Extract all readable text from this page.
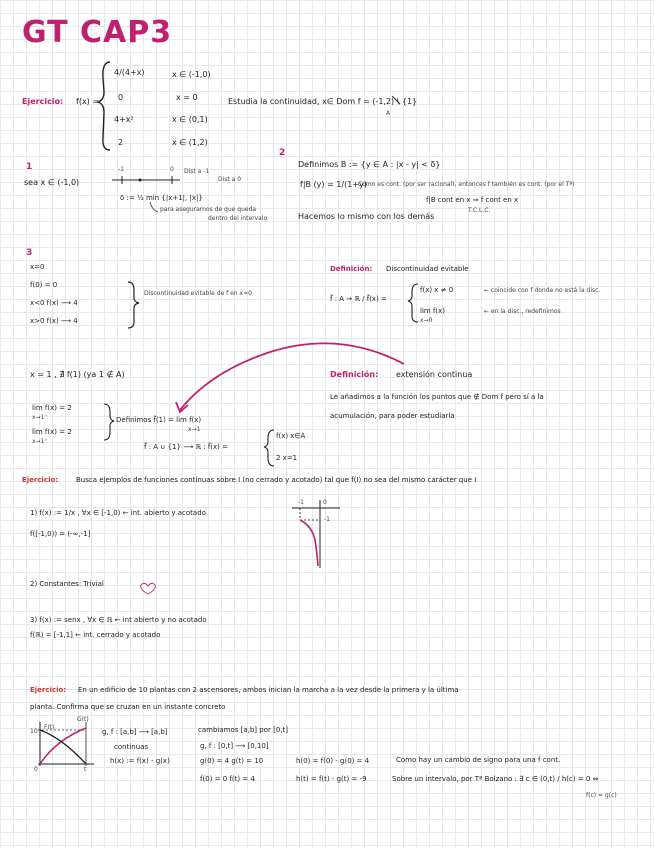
GT CAP3
Ejercicio: f(x) =
4/(4+x)	x ∈ (-1,0)
0	x = 0
4+x²	x ∈ (0,1)
2	x ∈ (1,2)
Estudia la continuidad, x∈ Dom f = (-1,2) \ {1}
A
1
sea x ∈ (-1,0)
-1	0 Dist a -1
Dist a 0
δ := ½ min {|x+1|, |x|}
para asegurarnos de que queda
dentro del intervalo
2
Definimos B := {y ∈ A : |x - y| < δ}
f|B (y) = 1/(1+y)
Como es cont. (por ser racional), entonces f también es cont. (por el Tª)
f|B cont en x ⇒ f cont en x
T.C.L.C.
Hacemos lo mismo con los demás
3
x=0
f(0) = 0
x<0 f(x) ⟶ 4
x>0 f(x) ⟶ 4
Discontinuidad evitable de f en x=0
Definición: Discontinuidad evitable
f̃ : A → ℝ / f̃(x) =
f(x) x ≠ 0	← coincide con f donde no está la disc.
lim f(x)
x→0
← en la disc., redefinimos
x = 1 , ∄ f(1) (ya 1 ∉ A)
lim f(x) = 2
x→1⁻
lim f(x) = 2
x→1⁺
Definimos f̃(1) = lim f(x)
x→1
f̃ : A ∪ {1} ⟶ ℝ : f̃(x) =
f(x) x∈A
2 x=1
Definición: extensión continua
Le añadimos a la función los puntos que ∉ Dom f pero sí a la
acumulación, para poder estudiarla
Ejercicio:	Busca ejemplos de funciones continuas sobre I (no cerrado y acotado) tal que f(I) no sea del mismo carácter que I
1) f(x) := 1/x , ∀x ∈ [-1,0) ← int. abierto y acotado
f([-1,0)) = (-∞,-1]
-1	0
-1
2) Constantes: Trivial
3) f(x) := senx , ∀x ∈ ℝ ← int abierto y no acotado
f(ℝ) = [-1,1] ← int. cerrado y acotado
Ejercicio: En un edificio de 10 plantas con 2 ascensores, ambos inician la marcha a la vez desde la primera y la última
planta. Confirma que se cruzan en un instante concreto
G(t)
F(t)
10
0	t
g, f : [a,b] ⟶ [a,b]	cambiamos [a,b] por [0,t]
continuas	g, f : [0,t] ⟶ [0,10]
h(x) := f(x) - g(x)	g(0) = 4 g(t) = 10	h(0) = f(0) - g(0) = 4	Como hay un cambio de signo para una f cont.
f(0) = 0 f(t) = 4	h(t) = f(t) - g(t) = -9	Sobre un intervalo, por Tª Bolzano : ∃ c ∈ (0,t) / h(c) = 0 ⇔
f(c) = g(c)
